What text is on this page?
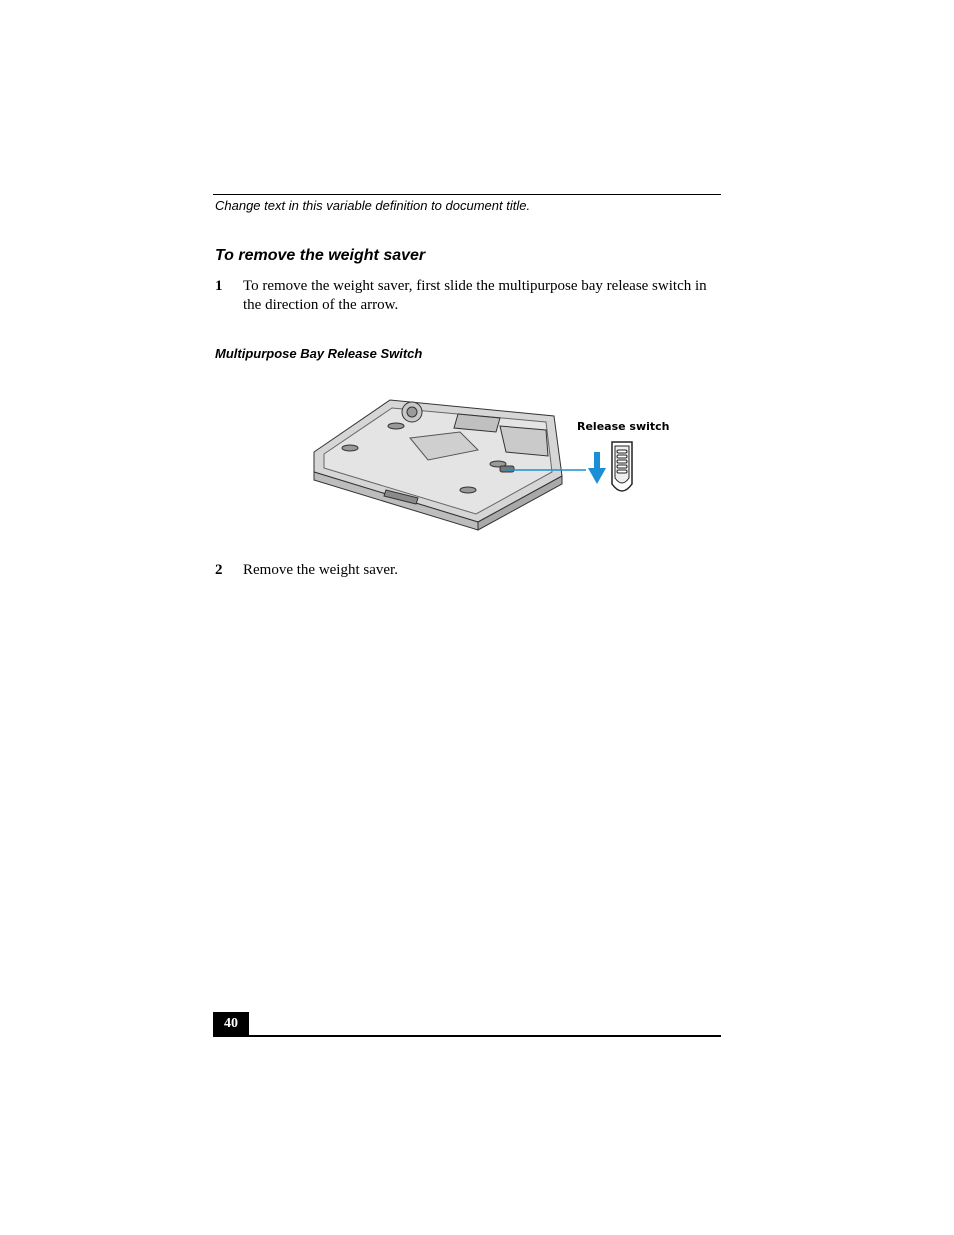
Change text in this variable definition to document title.
To remove the weight saver
1 To remove the weight saver, first slide the multipurpose bay release switch in the direction of the arrow.
Multipurpose Bay Release Switch
Release switch
2 Remove the weight saver.
40
